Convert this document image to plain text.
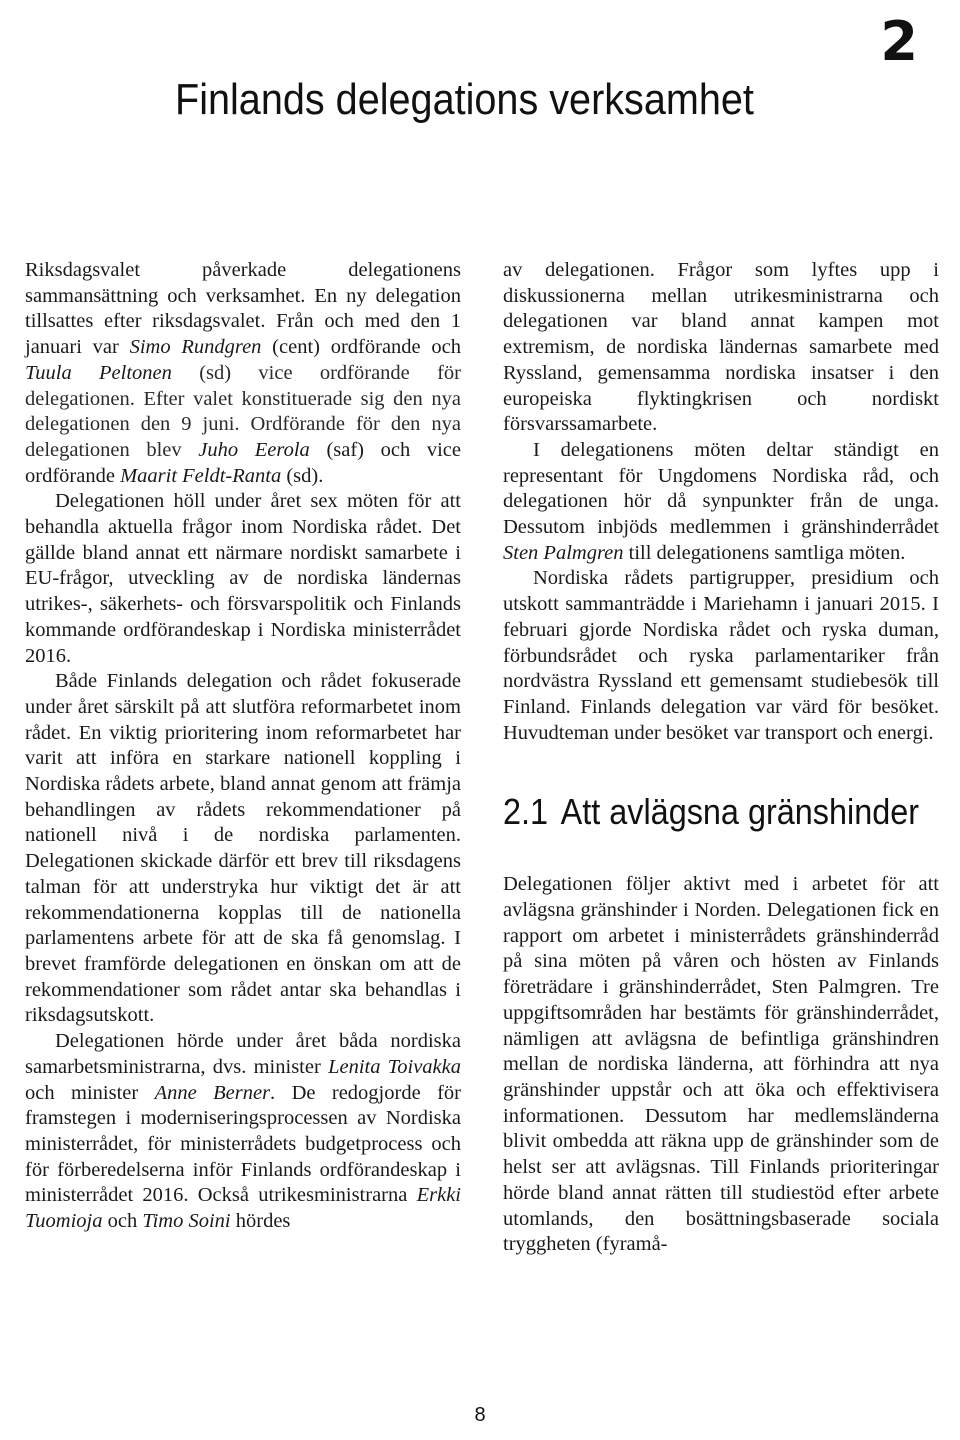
2
Finlands delegations verksamhet

Riksdagsvalet påverkade delegationens sammansättning och verksamhet. En ny delegation tillsattes efter riksdagsvalet. Från och med den 1 januari var Simo Rundgren (cent) ordförande och Tuula Peltonen (sd) vice ordförande för delegationen. Efter valet konstituerade sig den nya delegationen den 9 juni. Ordförande för den nya delegationen blev Juho Eerola (saf) och vice ordförande Maarit Feldt-Ranta (sd).

Delegationen höll under året sex möten för att behandla aktuella frågor inom Nordiska rådet. Det gällde bland annat ett närmare nordiskt samarbete i EU-frågor, utveckling av de nordiska ländernas utrikes-, säkerhets- och försvarspolitik och Finlands kommande ordförandeskap i Nordiska ministerrådet 2016.

Både Finlands delegation och rådet fokuserade under året särskilt på att slutföra reformarbetet inom rådet. En viktig prioritering inom reformarbetet har varit att införa en starkare nationell koppling i Nordiska rådets arbete, bland annat genom att främja behandlingen av rådets rekommendationer på nationell nivå i de nordiska parlamenten. Delegationen skickade därför ett brev till riksdagens talman för att understryka hur viktigt det är att rekommendationerna kopplas till de nationella parlamentens arbete för att de ska få genomslag. I brevet framförde delegationen en önskan om att de rekommendationer som rådet antar ska behandlas i riksdagsutskott.

Delegationen hörde under året båda nordiska samarbetsministrarna, dvs. minister Lenita Toivakka och minister Anne Berner. De redogjorde för framstegen i moderniseringsprocessen av Nordiska ministerrådet, för ministerrådets budgetprocess och för förberedelserna inför Finlands ordförandeskap i ministerrådet 2016. Också utrikesministrarna Erkki Tuomioja och Timo Soini hördes

av delegationen. Frågor som lyftes upp i diskussionerna mellan utrikesministrarna och delegationen var bland annat kampen mot extremism, de nordiska ländernas samarbete med Ryssland, gemensamma nordiska insatser i den europeiska flyktingkrisen och nordiskt försvarssamarbete.

I delegationens möten deltar ständigt en representant för Ungdomens Nordiska råd, och delegationen hör då synpunkter från de unga. Dessutom inbjöds medlemmen i gränshinderrådet Sten Palmgren till delegationens samtliga möten.

Nordiska rådets partigrupper, presidium och utskott sammanträdde i Mariehamn i januari 2015. I februari gjorde Nordiska rådet och ryska duman, förbundsrådet och ryska parlamentariker från nordvästra Ryssland ett gemensamt studiebesök till Finland. Finlands delegation var värd för besöket. Huvudteman under besöket var transport och energi.

2.1 Att avlägsna gränshinder

Delegationen följer aktivt med i arbetet för att avlägsna gränshinder i Norden. Delegationen fick en rapport om arbetet i ministerrådets gränshinderråd på sina möten på våren och hösten av Finlands företrädare i gränshinderrådet, Sten Palmgren. Tre uppgiftsområden har bestämts för gränshinderrådet, nämligen att avlägsna de befintliga gränshindren mellan de nordiska länderna, att förhindra att nya gränshinder uppstår och att öka och effektivisera informationen. Dessutom har medlemsländerna blivit ombedda att räkna upp de gränshinder som de helst ser att avlägsnas. Till Finlands prioriteringar hörde bland annat rätten till studiestöd efter arbete utomlands, den bosättningsbaserade sociala tryggheten (fyramå-

8
